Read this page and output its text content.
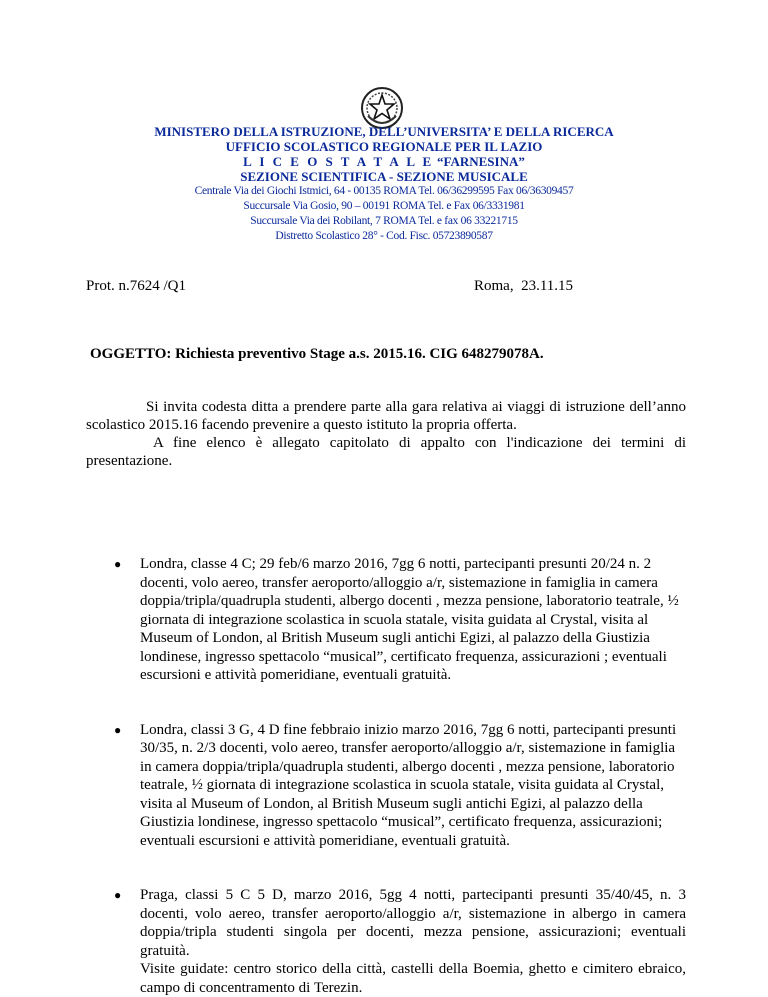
MINISTERO DELLA ISTRUZIONE, DELL’UNIVERSITA’ E DELLA RICERCA
UFFICIO SCOLASTICO REGIONALE PER IL LAZIO
L I C E O S T A T A L E “FARNESINA”
SEZIONE SCIENTIFICA - SEZIONE MUSICALE
Centrale Via dei Giochi Istmici, 64 - 00135 ROMA Tel. 06/36299595 Fax 06/36309457
Succursale Via Gosio, 90 – 00191 ROMA Tel. e Fax 06/3331981
Succursale Via dei Robilant, 7 ROMA Tel. e fax 06 33221715
Distretto Scolastico 28° - Cod. Fisc. 05723890587
Prot. n.7624 /Q1	Roma,  23.11.15
OGGETTO: Richiesta preventivo Stage a.s. 2015.16. CIG 648279078A.

Si invita codesta ditta a prendere parte alla gara relativa ai viaggi di istruzione dell’anno scolastico 2015.16 facendo prevenire a questo istituto la propria offerta.

A fine elenco è allegato capitolato di appalto con l'indicazione dei termini di presentazione.

● Londra, classe 4 C; 29 feb/6 marzo 2016, 7gg 6 notti, partecipanti presunti 20/24 n. 2 docenti, volo aereo, transfer aeroporto/alloggio a/r, sistemazione in famiglia in camera doppia/tripla/quadrupla studenti, albergo docenti , mezza pensione, laboratorio teatrale, ½ giornata di integrazione scolastica in scuola statale, visita guidata al Crystal, visita al Museum of London, al British Museum sugli antichi Egizi, al palazzo della Giustizia londinese, ingresso spettacolo “musical”, certificato frequenza, assicurazioni ; eventuali escursioni e attività pomeridiane, eventuali gratuità.
● Londra, classi 3 G, 4 D fine febbraio inizio marzo 2016, 7gg 6 notti, partecipanti presunti 30/35, n. 2/3 docenti, volo aereo, transfer aeroporto/alloggio a/r, sistemazione in famiglia in camera doppia/tripla/quadrupla studenti, albergo docenti , mezza pensione, laboratorio teatrale, ½ giornata di integrazione scolastica in scuola statale, visita guidata al Crystal, visita al Museum of London, al British Museum sugli antichi Egizi, al palazzo della Giustizia londinese, ingresso spettacolo “musical”, certificato frequenza, assicurazioni; eventuali escursioni e attività pomeridiane, eventuali gratuità.
● Praga, classi 5 C 5 D, marzo 2016, 5gg 4 notti, partecipanti presunti 35/40/45, n. 3 docenti, volo aereo, transfer aeroporto/alloggio a/r, sistemazione in albergo in camera doppia/tripla studenti singola per docenti, mezza pensione, assicurazioni; eventuali gratuità.
Visite guidate: centro storico della città, castelli della Boemia, ghetto e cimitero ebraico, campo di concentramento di Terezin.
